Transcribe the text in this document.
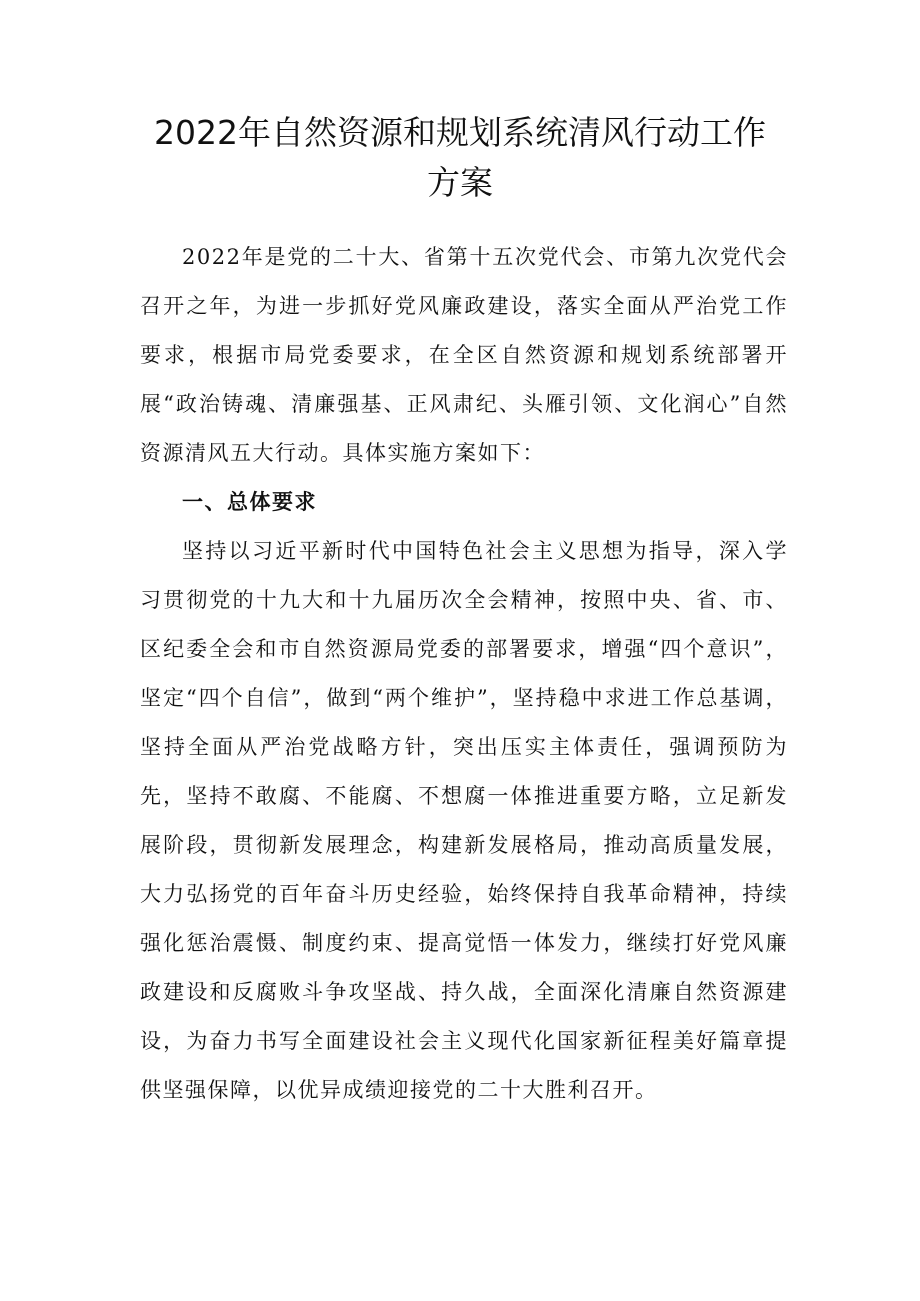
2022年自然资源和规划系统清风行动工作
方案

2022年是党的二十大、省第十五次党代会、市第九次党代会召开之年，为进一步抓好党风廉政建设，落实全面从严治党工作要求，根据市局党委要求，在全区自然资源和规划系统部署开展“政治铸魂、清廉强基、正风肃纪、头雁引领、文化润心”自然资源清风五大行动。具体实施方案如下：

一、总体要求

坚持以习近平新时代中国特色社会主义思想为指导，深入学习贯彻党的十九大和十九届历次全会精神，按照中央、省、市、区纪委全会和市自然资源局党委的部署要求，增强“四个意识”，坚定“四个自信”，做到“两个维护”，坚持稳中求进工作总基调，坚持全面从严治党战略方针，突出压实主体责任，强调预防为先，坚持不敢腐、不能腐、不想腐一体推进重要方略，立足新发展阶段，贯彻新发展理念，构建新发展格局，推动高质量发展，大力弘扬党的百年奋斗历史经验，始终保持自我革命精神，持续强化惩治震慑、制度约束、提高觉悟一体发力，继续打好党风廉政建设和反腐败斗争攻坚战、持久战，全面深化清廉自然资源建设，为奋力书写全面建设社会主义现代化国家新征程美好篇章提供坚强保障，以优异成绩迎接党的二十大胜利召开。
